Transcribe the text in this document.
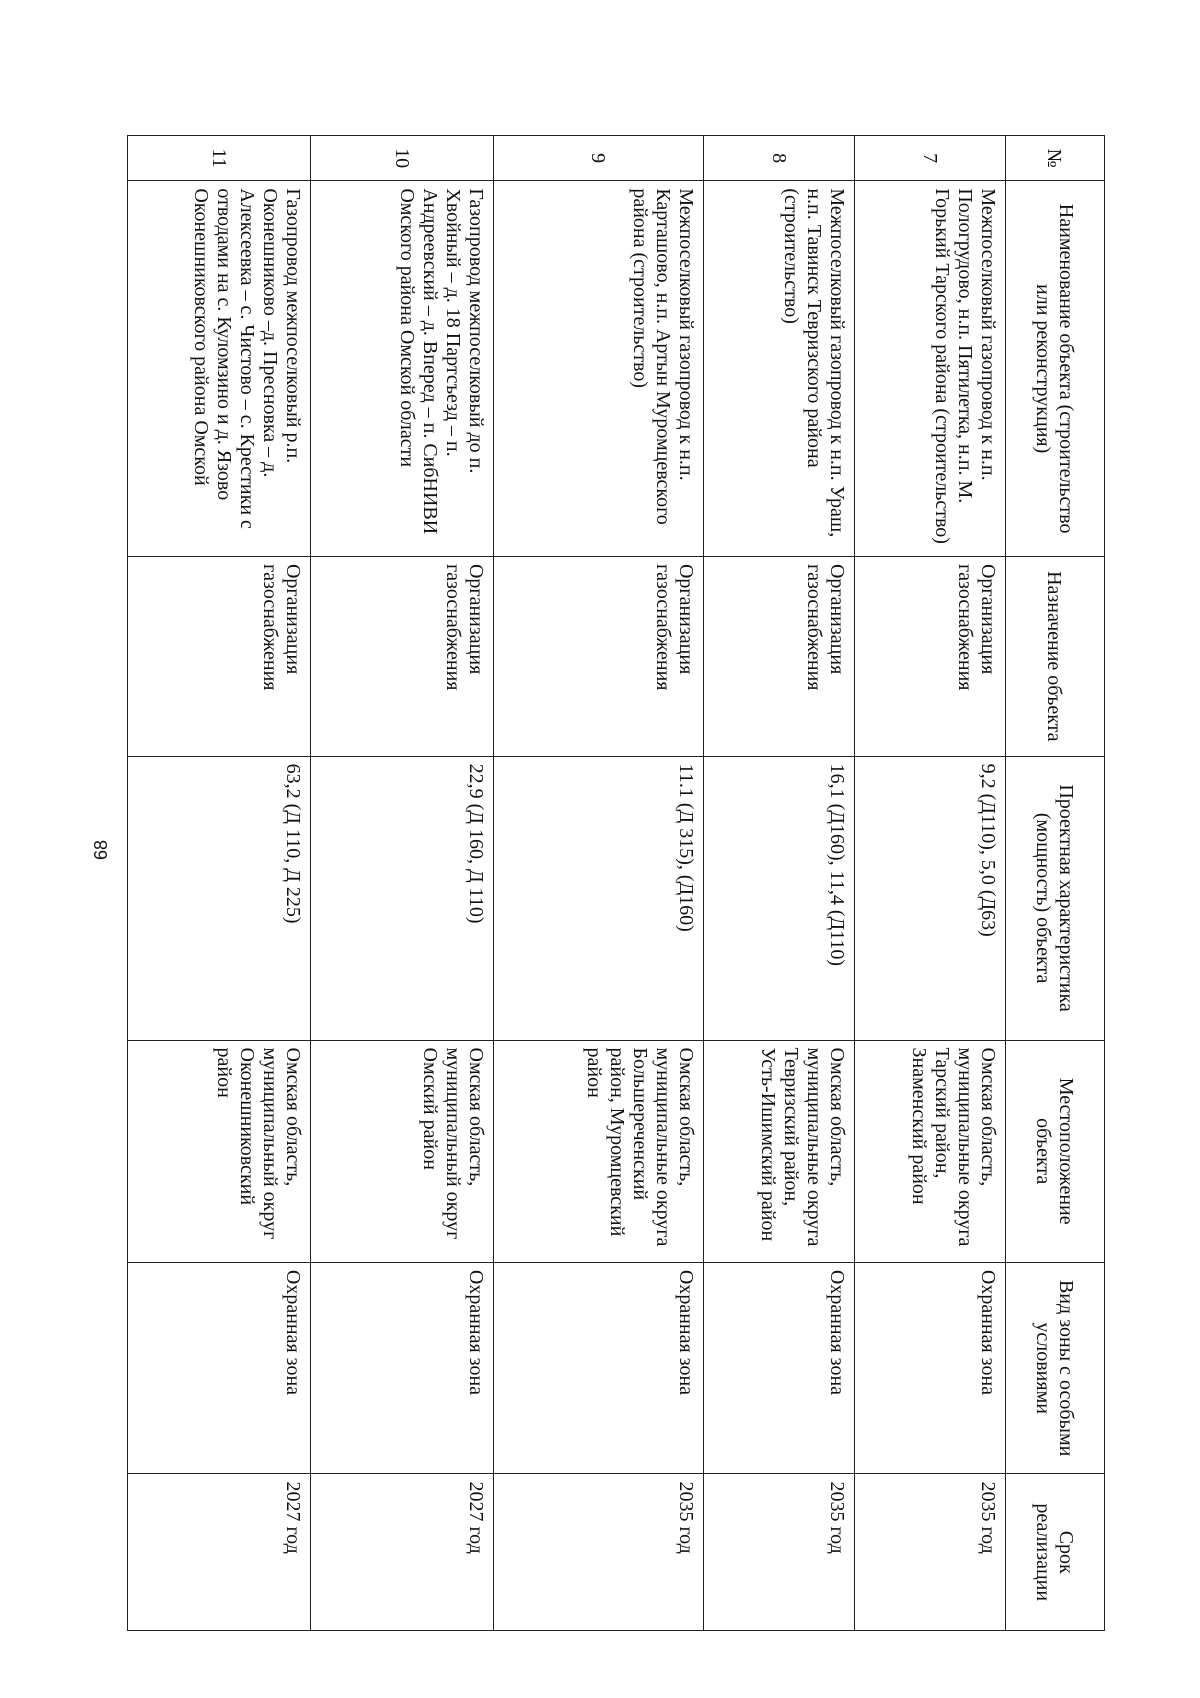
68
№	Наименование объекта (строительство или реконструкция)	Назначение объекта	Проектная характеристика (мощность) объекта	Местоположение объекта	Вид зоны с особыми условиями	Срок реализации
7	Межпоселковый газопровод к н.п. Пологрудово, н.п. Пятилетка, н.п. М. Горький Тарского района (строительство)	Организация газоснабжения	9,2 (Д110), 5,0 (Д63)	Омская область, муниципальные округа Тарский район, Знаменский район	Охранная зона	2035 год
8	Межпоселковый газопровод к н.п. Ураш, н.п. Тавинск Тевризского района (строительство)	Организация газоснабжения	16,1 (Д160), 11,4 (Д110)	Омская область, муниципальные округа Тевризский район, Усть-Ишимский район	Охранная зона	2035 год
9	Межпоселковый газопровод к н.п. Карташово, н.п. Артын Муромцевского района (строительство)	Организация газоснабжения	11.1 (Д 315), (Д160)	Омская область, муниципальные округа Большереченский район, Муромцевский район	Охранная зона	2035 год
10	Газопровод межпоселковый до п. Хвойный – д. 18 Партсъезд – п. Андреевский – д. Вперед – п. СибНИВИ Омского района Омской области	Организация газоснабжения	22,9 (Д 160, Д 110)	Омская область, муниципальный округ Омский район	Охранная зона	2027 год
11	Газопровод межпоселковый р.п. Оконешниково –д. Пресновка – д. Алексеевка – с. Чистово – с. Крестики с отводами на с. Куломзино и д. Язово Оконешниковского района Омской	Организация газоснабжения	63,2 (Д 110, Д 225)	Омская область, муниципальный округ Оконешниковский район	Охранная зона	2027 год
